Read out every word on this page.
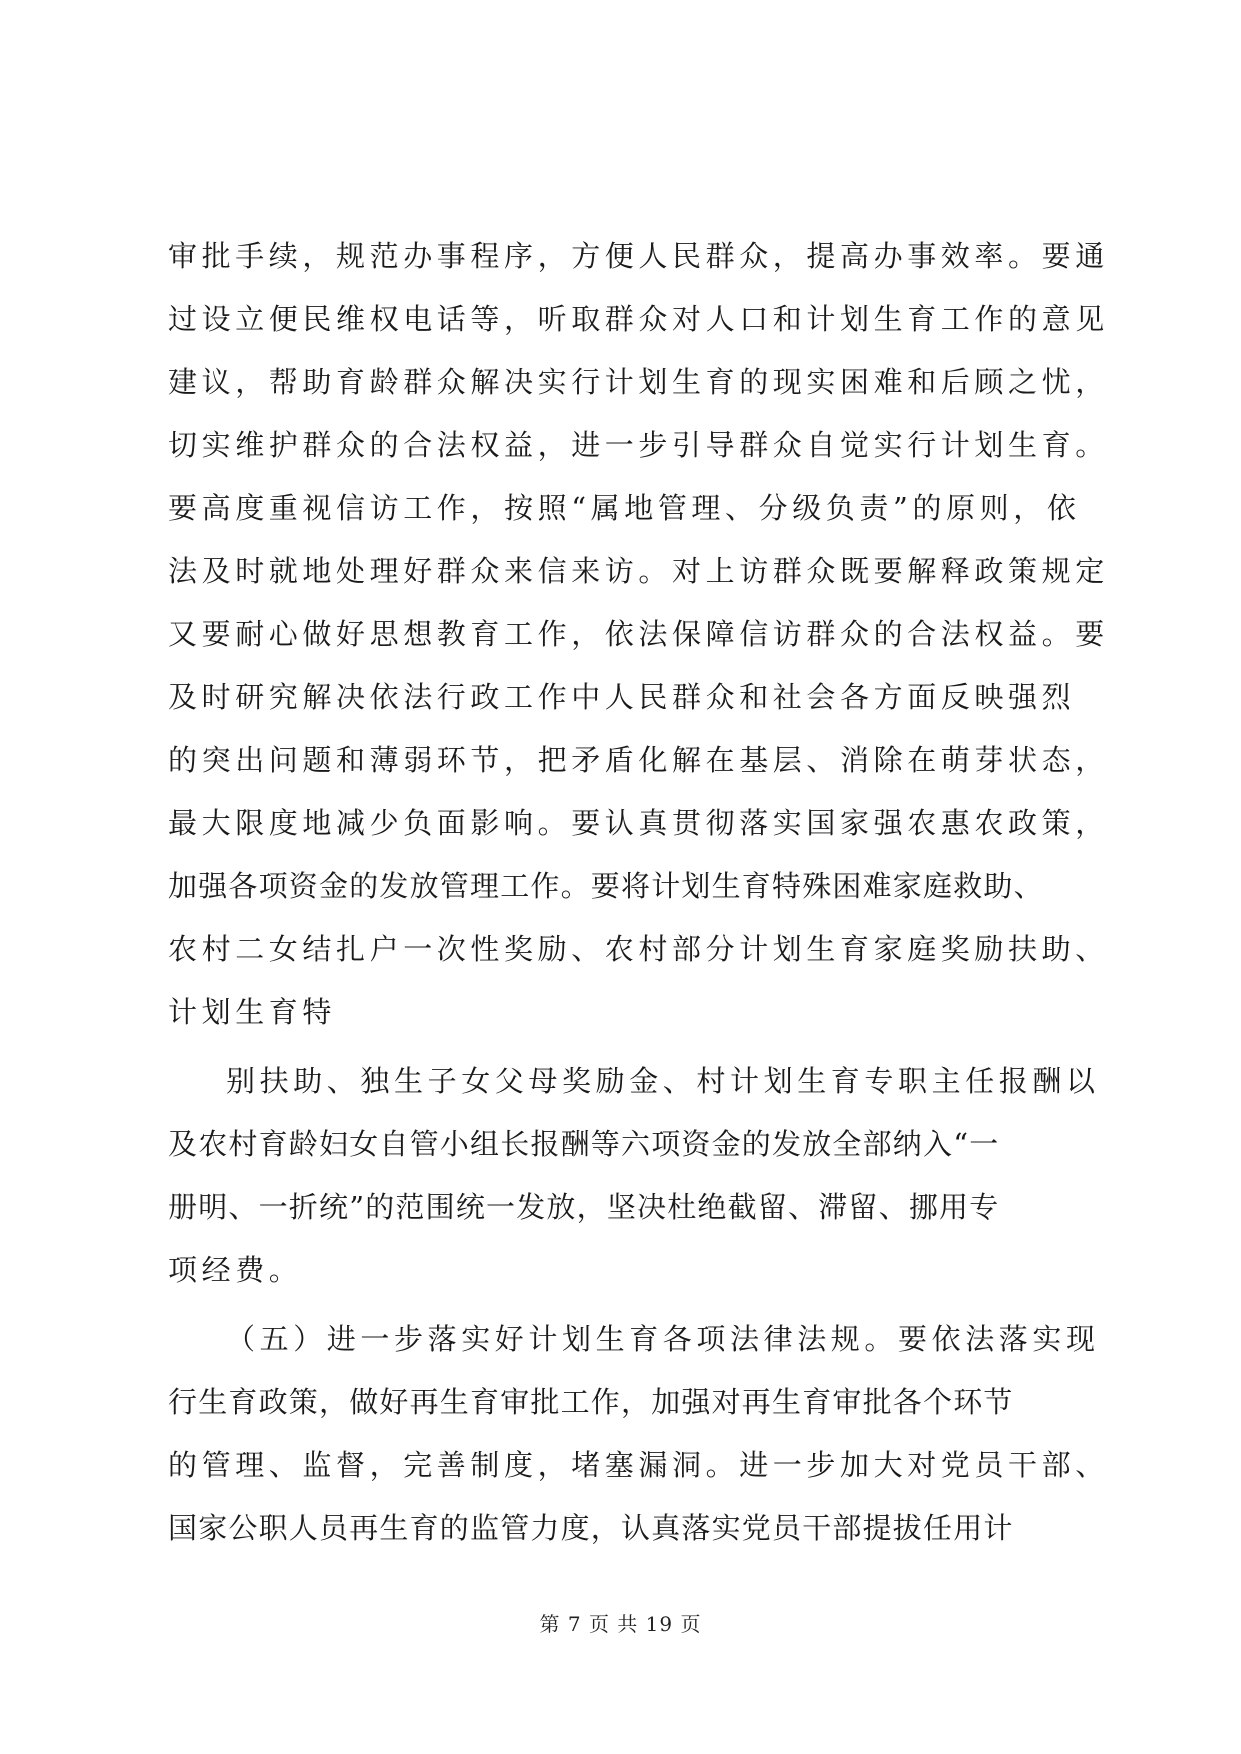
审批手续，规范办事程序，方便人民群众，提高办事效率。要通
过设立便民维权电话等，听取群众对人口和计划生育工作的意见
建议，帮助育龄群众解决实行计划生育的现实困难和后顾之忧，
切实维护群众的合法权益，进一步引导群众自觉实行计划生育。
要高度重视信访工作，按照“属地管理、分级负责”的原则，依
法及时就地处理好群众来信来访。对上访群众既要解释政策规定
又要耐心做好思想教育工作，依法保障信访群众的合法权益。要
及时研究解决依法行政工作中人民群众和社会各方面反映强烈
的突出问题和薄弱环节，把矛盾化解在基层、消除在萌芽状态，
最大限度地减少负面影响。要认真贯彻落实国家强农惠农政策，
加强各项资金的发放管理工作。要将计划生育特殊困难家庭救助、
农村二女结扎户一次性奖励、农村部分计划生育家庭奖励扶助、
计划生育特
别扶助、独生子女父母奖励金、村计划生育专职主任报酬以
及农村育龄妇女自管小组长报酬等六项资金的发放全部纳入“一
册明、一折统”的范围统一发放，坚决杜绝截留、滞留、挪用专
项经费。
（五）进一步落实好计划生育各项法律法规。要依法落实现
行生育政策，做好再生育审批工作，加强对再生育审批各个环节
的管理、监督，完善制度，堵塞漏洞。进一步加大对党员干部、
国家公职人员再生育的监管力度，认真落实党员干部提拔任用计
第 7 页 共 19 页
